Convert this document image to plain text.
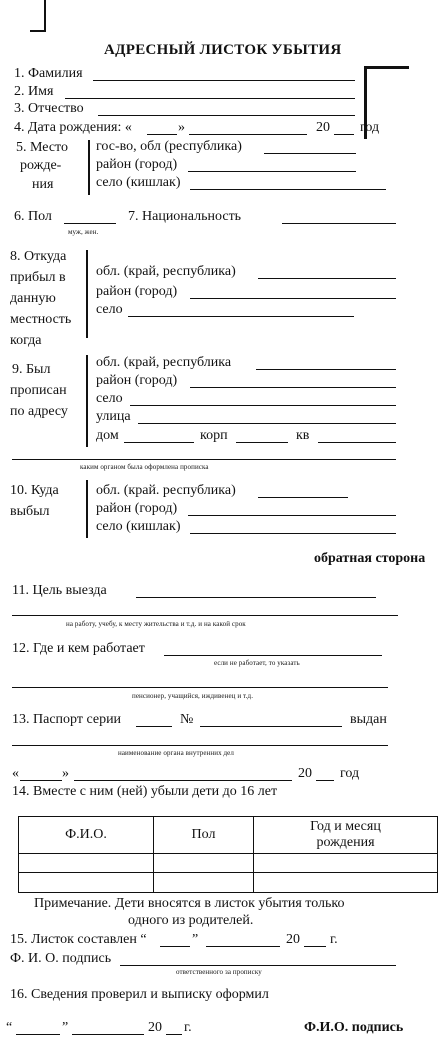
АДРЕСНЫЙ ЛИСТОК УБЫТИЯ
1. Фамилия
2. Имя
3. Отчество
4. Дата рождения: «	»	20 год
5. Место
рожде-
ния
гос-во, обл (республика)
район (город)
село (кишлак)
6. Пол
муж, жен.
7. Национальность
8. Откуда
прибыл в
данную
местность
когда
обл. (край, республика)
район (город)
село
9. Был
прописан
по адресу
обл. (край, республика
район (город)
село
улица
дом	корп	кв
каким органом была оформлена прописка
10. Куда
выбыл
обл. (край. республика)
район (город)
село (кишлак)
обратная сторона
11. Цель выезда
на работу, учебу, к месту жительства и т.д. и на какой срок
12. Где и кем работает
если не работает, то указать
пенсионер, учащийся, иждивенец и т.д.
13. Паспорт серии	№	выдан
наименование органа внутренних дел
«	»	20 год
14. Вместе с ним (ней) убыли дети до 16 лет
Ф.И.О.	Пол	Год и месяц рождения

Примечание. Дети вносятся в листок убытия только
одного из родителей.
15. Листок составлен “	”	20 г.
Ф. И. О. подпись
ответственного за прописку
16. Сведения проверил и выписку оформил
“	”	20 г.	Ф.И.О. подпись
